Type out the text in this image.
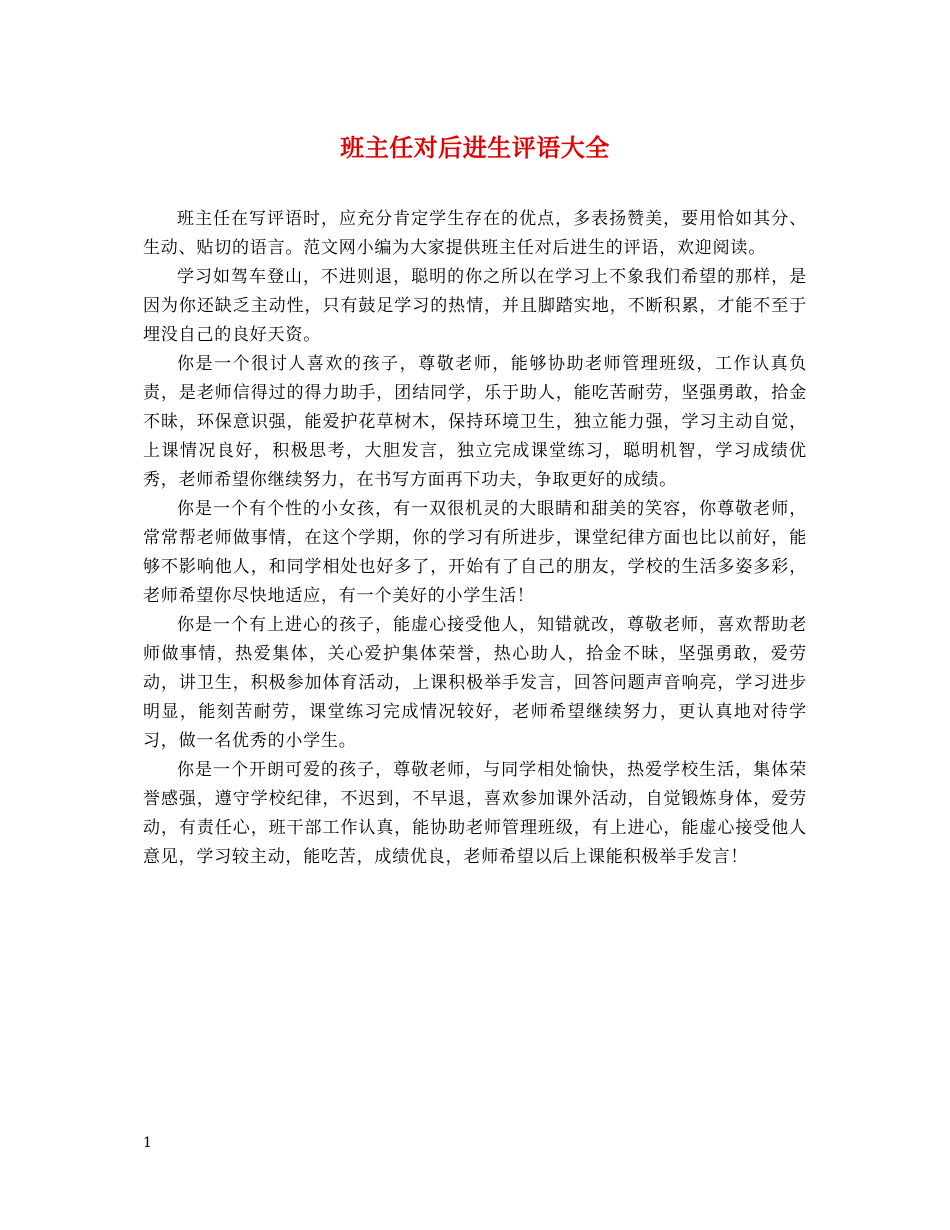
班主任对后进生评语大全

班主任在写评语时，应充分肯定学生存在的优点，多表扬赞美，要用恰如其分、生动、贴切的语言。范文网小编为大家提供班主任对后进生的评语，欢迎阅读。

学习如驾车登山，不进则退，聪明的你之所以在学习上不象我们希望的那样，是因为你还缺乏主动性，只有鼓足学习的热情，并且脚踏实地，不断积累，才能不至于埋没自己的良好天资。

你是一个很讨人喜欢的孩子，尊敬老师，能够协助老师管理班级，工作认真负责，是老师信得过的得力助手，团结同学，乐于助人，能吃苦耐劳，坚强勇敢，拾金不昧，环保意识强，能爱护花草树木，保持环境卫生，独立能力强，学习主动自觉，上课情况良好，积极思考，大胆发言，独立完成课堂练习，聪明机智，学习成绩优秀，老师希望你继续努力，在书写方面再下功夫，争取更好的成绩。

你是一个有个性的小女孩，有一双很机灵的大眼睛和甜美的笑容，你尊敬老师，常常帮老师做事情，在这个学期，你的学习有所进步，课堂纪律方面也比以前好，能够不影响他人，和同学相处也好多了，开始有了自己的朋友，学校的生活多姿多彩，老师希望你尽快地适应，有一个美好的小学生活！

你是一个有上进心的孩子，能虚心接受他人，知错就改，尊敬老师，喜欢帮助老师做事情，热爱集体，关心爱护集体荣誉，热心助人，拾金不昧，坚强勇敢，爱劳动，讲卫生，积极参加体育活动，上课积极举手发言，回答问题声音响亮，学习进步明显，能刻苦耐劳，课堂练习完成情况较好，老师希望继续努力，更认真地对待学习，做一名优秀的小学生。

你是一个开朗可爱的孩子，尊敬老师，与同学相处愉快，热爱学校生活，集体荣誉感强，遵守学校纪律，不迟到，不早退，喜欢参加课外活动，自觉锻炼身体，爱劳动，有责任心，班干部工作认真，能协助老师管理班级，有上进心，能虚心接受他人意见，学习较主动，能吃苦，成绩优良，老师希望以后上课能积极举手发言！

1
